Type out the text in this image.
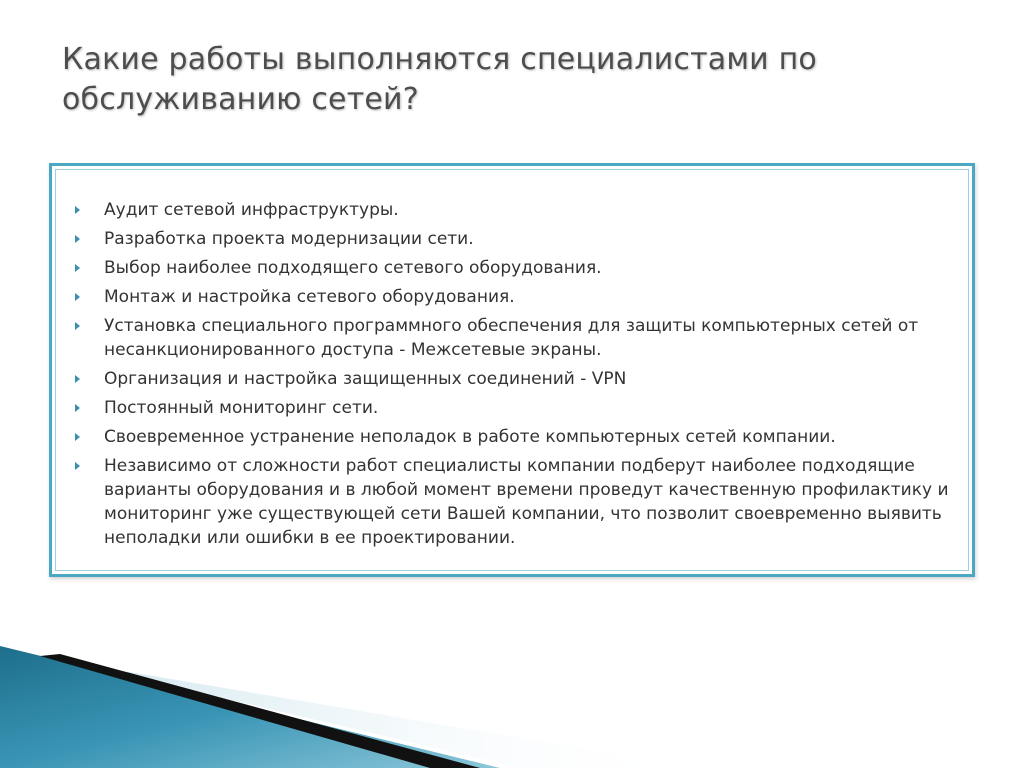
Какие работы выполняются специалистами по обслуживанию сетей?
Аудит сетевой инфраструктуры.
Разработка проекта модернизации сети.
Выбор наиболее подходящего сетевого оборудования.
Монтаж и настройка сетевого оборудования.
Установка специального программного обеспечения для защиты компьютерных сетей от несанкционированного доступа - Межсетевые экраны.
Организация и настройка защищенных соединений - VPN
Постоянный мониторинг сети.
Своевременное устранение неполадок в работе компьютерных сетей компании.
Независимо от сложности работ специалисты компании подберут наиболее подходящие варианты оборудования и в любой момент времени проведут качественную профилактику и мониторинг уже существующей сети Вашей компании, что позволит своевременно выявить неполадки или ошибки в ее проектировании.
